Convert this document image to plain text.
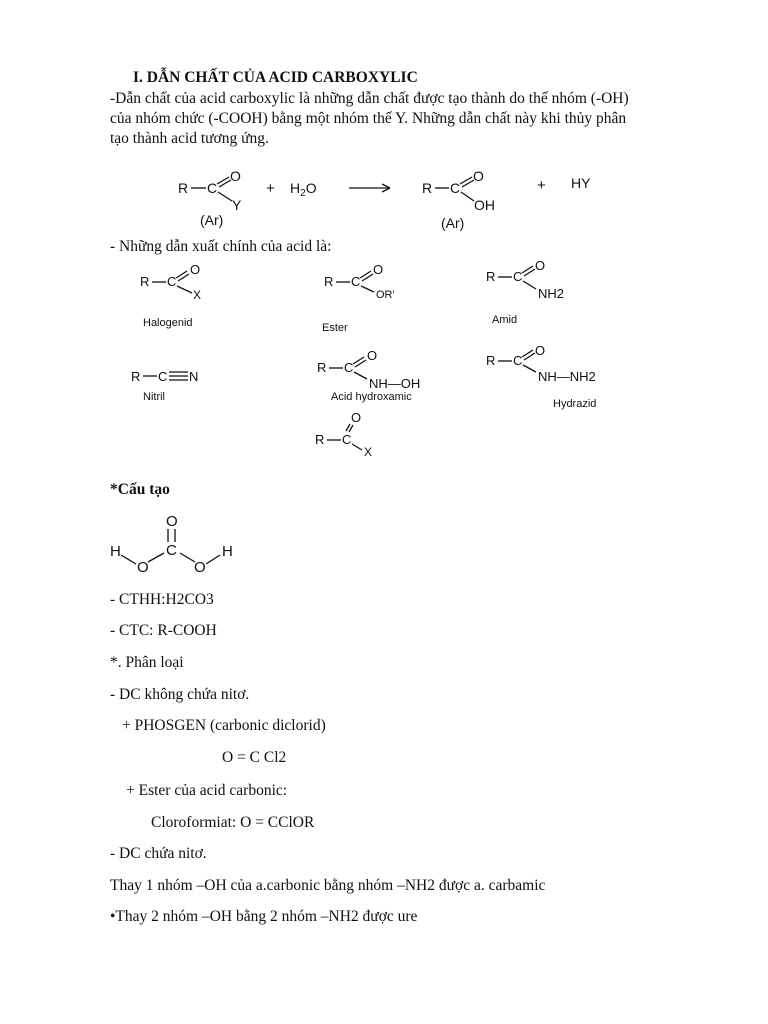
I. DẪN CHẤT CỦA ACID CARBOXYLIC
-Dẫn chất của acid carboxylic là những dẫn chất được tạo thành do thế nhóm (-OH)
của nhóm chức (-COOH) bằng một nhóm thế Y. Những dẫn chất này khi thủy phân
tạo thành acid tương ứng.
R C
O
Y
(Ar)
+ $H_2O$	R C
O
OH
(Ar)
+ HY
- Những dẫn xuất chính của acid là:
R C
O
X
Halogenid
R C
O
OR'
Ester
R C
O
NH2
Amid
R C N
Nitril
R C
O
NH—OH
Acid hydroxamic
R C
O
NH—NH2
Hydrazid
R C
O
X
*Cấu tạo
O
C
O	O
H	H
- CTHH:H2CO3
- CTC: R-COOH
*. Phân loại
- DC không chứa nitơ.
+ PHOSGEN (carbonic diclorid)
O = C Cl2
+ Ester của acid carbonic:
Cloroformiat: O = CClOR
- DC chứa nitơ.
Thay 1 nhóm –OH của a.carbonic bằng nhóm –NH2 được a. carbamic
•Thay 2 nhóm –OH bằng 2 nhóm –NH2 được ure
